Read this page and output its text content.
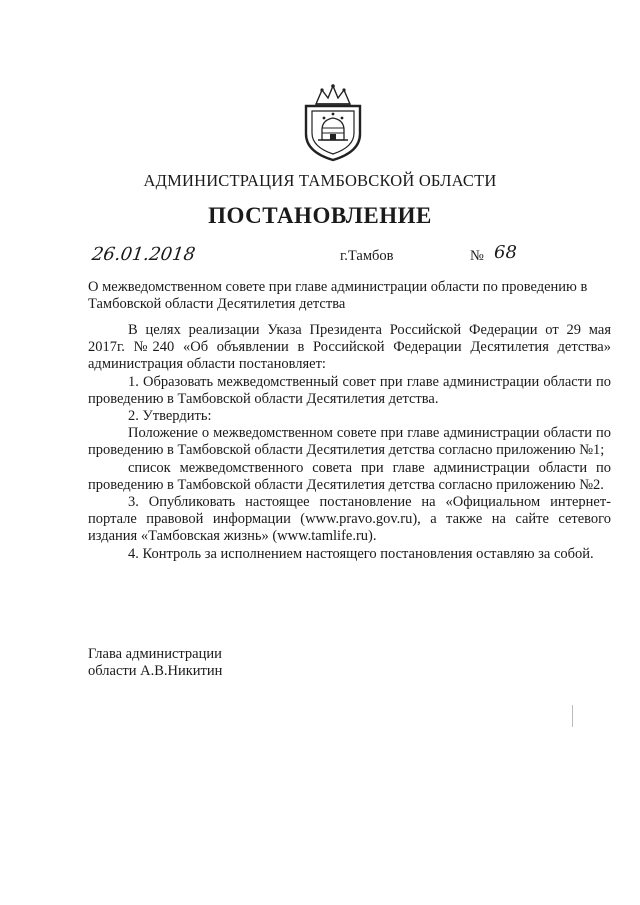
АДМИНИСТРАЦИЯ ТАМБОВСКОЙ ОБЛАСТИ
ПОСТАНОВЛЕНИЕ
26.01.2018	г.Тамбов	№ 68
О межведомственном совете при главе администрации области по проведению в Тамбовской области Десятилетия детства

В целях реализации Указа Президента Российской Федерации от 29 мая 2017г. №240 «Об объявлении в Российской Федерации Десятилетия детства» администрация области постановляет:

1. Образовать межведомственный совет при главе администрации области по проведению в Тамбовской области Десятилетия детства.

2. Утвердить:

Положение о межведомственном совете при главе администрации области по проведению в Тамбовской области Десятилетия детства согласно приложению №1;

список межведомственного совета при главе администрации области по проведению в Тамбовской области Десятилетия детства согласно приложению №2.

3. Опубликовать настоящее постановление на «Официальном интернет-портале правовой информации (www.pravo.gov.ru), а также на сайте сетевого издания «Тамбовская жизнь» (www.tamlife.ru).

4. Контроль за исполнением настоящего постановления оставляю за собой.

Глава администрации
области А.В.Никитин
